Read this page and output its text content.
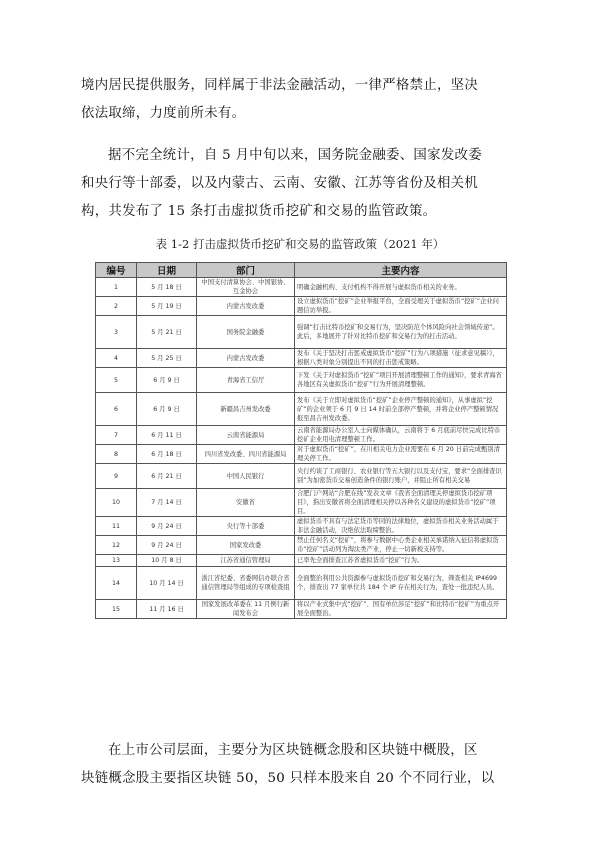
境内居民提供服务，同样属于非法金融活动，一律严格禁止，坚决

依法取缔，力度前所未有。

据不完全统计，自 5 月中旬以来，国务院金融委、国家发改委

和央行等十部委，以及内蒙古、云南、安徽、江苏等省份及相关机

构，共发布了 15 条打击虚拟货币挖矿和交易的监管政策。

表 1-2 打击虚拟货币挖矿和交易的监管政策（2021 年）
编号	日期	部门	主要内容
1	5 月 18 日	中国支付清算协会、中国银协、互金协会	明确金融机构、支付机构不得开展与虚拟货币相关的业务。
2	5 月 19 日	内蒙古发改委	设立虚拟货币“挖矿”企业举报平台，全面受理关于虚拟货币“挖矿”企业问题信访举报。
3	5 月 21 日	国务院金融委	强调“打击比特币挖矿和交易行为，坚决防范个体风险向社会领域传递”。此后，多地展开了针对比特币挖矿和交易行为的打击活动。
4	5 月 25 日	内蒙古发改委	发布《关于坚决打击惩戒虚拟货币“挖矿”行为八项措施（征求意见稿）》，根据八类对象分别提出不同的打击惩戒策略。
5	6 月 9 日	青海省工信厅	下发《关于对虚拟货币“挖矿”项目开展清理整顿工作的通知》，要求青海省各地区有关虚拟货币“挖矿”行为开展清理整顿。
6	6 月 9 日	新疆昌吉州发改委	发布《关于立即对虚拟货币“挖矿”企业停产整顿的通知》，从事虚拟“挖矿”的企业须于 6 月 9 日 14 时前全部停产整顿，并将企业停产整顿情况报至昌吉州发改委。
7	6 月 11 日	云南省能源局	云南省能源局办公室人士向媒体确认，云南将于 6 月底前尽快完成比特币挖矿企业用电清理整顿工作。
8	6 月 18 日	四川省发改委、四川省能源局	对于虚拟货币“挖矿”，在川相关电力企业需要在 6 月 20 日前完成甄别清理关停工作。
9	6 月 21 日	中国人民银行	央行约谈了工商银行、农业银行等五大银行以及支付宝，要求“全面排查识别”为加密货币交易创造条件的银行账户，并阻止所有相关交易
10	7 月 14 日	安徽省	合肥门户网站“合肥在线”发表文章《我省全面清理关停虚拟货币挖矿项目》，指出安徽省将全面清理相关停以各种名义建设的虚拟货币“挖矿”项目。
11	9 月 24 日	央行等十部委	虚拟货币不具有与法定货币等同的法律地位，虚拟货币相关业务活动属于非法金融活动，决绝依法取缔整治。
12	9 月 24 日	国家发改委	禁止任何名义“挖矿”，将参与数据中心类企业相关承诺纳入征信将虚拟货币“挖矿”活动列为淘汰类产业，停止一切新税支持等。
13	10 月 8 日	江苏省通信管理局	已率先全面排查江苏省虚拟货币“挖矿”行为。
14	10 月 14 日	浙江省纪委、省委网信办联合省通信管理局等组成的专项检查组	全面整治利用公共资源参与虚拟货币挖矿和交易行为，筛查相关 IP4699 个，排查出 77 家单位共 184 个 IP 存在相关行为，查处一批违纪人员。
15	11 月 16 日	国家发展改革委在 11 月例行新闻发布会	将以产业式集中式“挖矿”、国有单位涉足“挖矿”和比特币“挖矿”为重点开展全面整治。

在上市公司层面，主要分为区块链概念股和区块链中概股，区

块链概念股主要指区块链 50，50 只样本股来自 20 个不同行业，以
